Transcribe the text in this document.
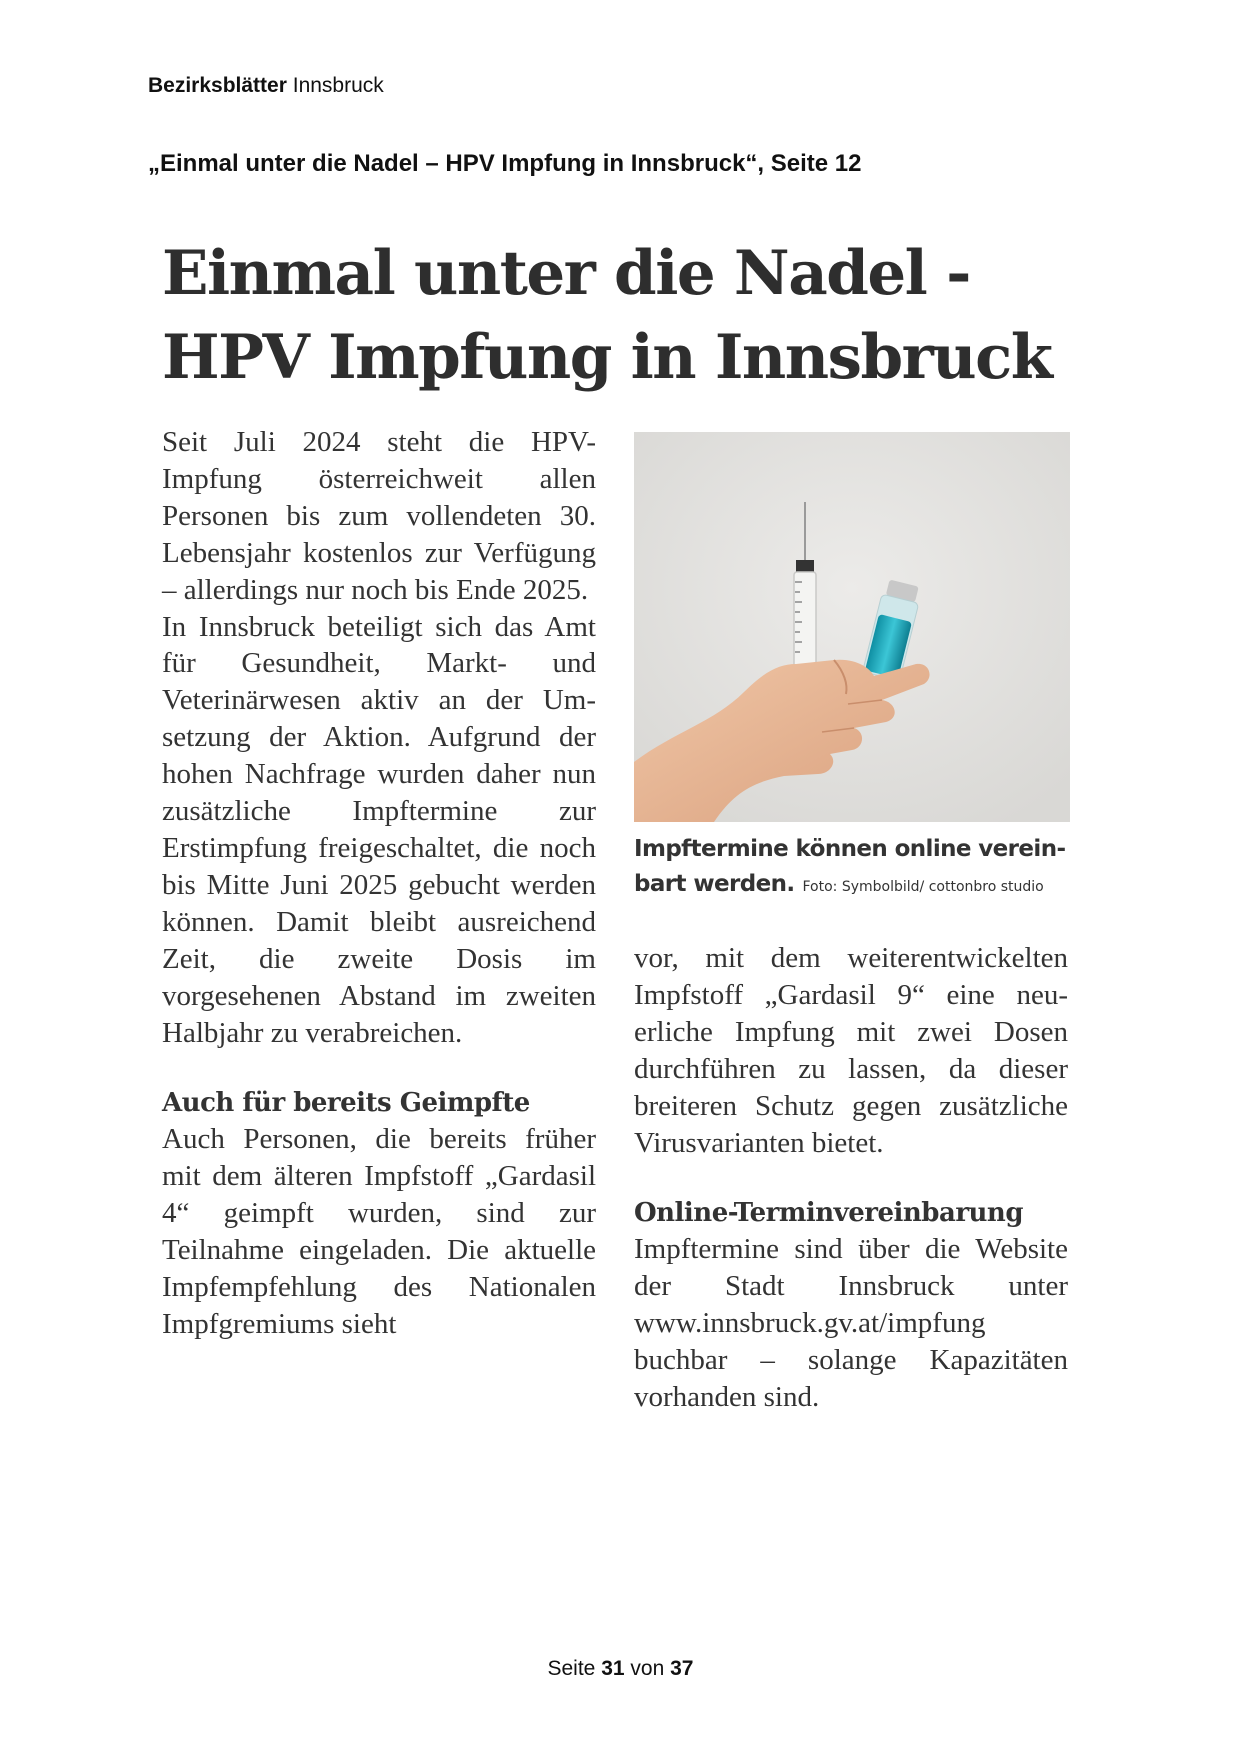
Bezirksblätter Innsbruck
„Einmal unter die Nadel – HPV Impfung in Innsbruck“, Seite 12
Einmal unter die Nadel -
HPV Impfung in Innsbruck

Seit Juli 2024 steht die HPV-Impfung österreichweit allen Personen bis zum vollendeten 30. Lebensjahr kostenlos zur Verfügung – allerdings nur noch bis Ende 2025.

In Innsbruck beteiligt sich das Amt für Gesundheit, Markt- und Veterinärwesen aktiv an der Umsetzung der Aktion. Aufgrund der hohen Nachfrage wurden daher nun zusätzliche Impftermine zur Erstimpfung freigeschaltet, die noch bis Mitte Juni 2025 gebucht werden können. Damit bleibt ausreichend Zeit, die zweite Dosis im vorgesehenen Abstand im zweiten Halbjahr zu verabreichen.

Auch für bereits Geimpfte

Auch Personen, die bereits früher mit dem älteren Impfstoff „Gardasil 4“ geimpft wurden, sind zur Teilnahme eingeladen. Die aktuelle Impfempfehlung des Nationalen Impfgremiums sieht

Impftermine können online vereinbart werden. Foto: Symbolbild/ cottonbro studio

vor, mit dem weiterentwickelten Impfstoff „Gardasil 9“ eine neuerliche Impfung mit zwei Dosen durchführen zu lassen, da dieser breiteren Schutz gegen zusätzliche Virusvarianten bietet.

Online-Terminvereinbarung

Impftermine sind über die Website der Stadt Innsbruck unter www.innsbruck.gv.at/impfung buchbar – solange Kapazitäten vorhanden sind.

Seite 31 von 37
